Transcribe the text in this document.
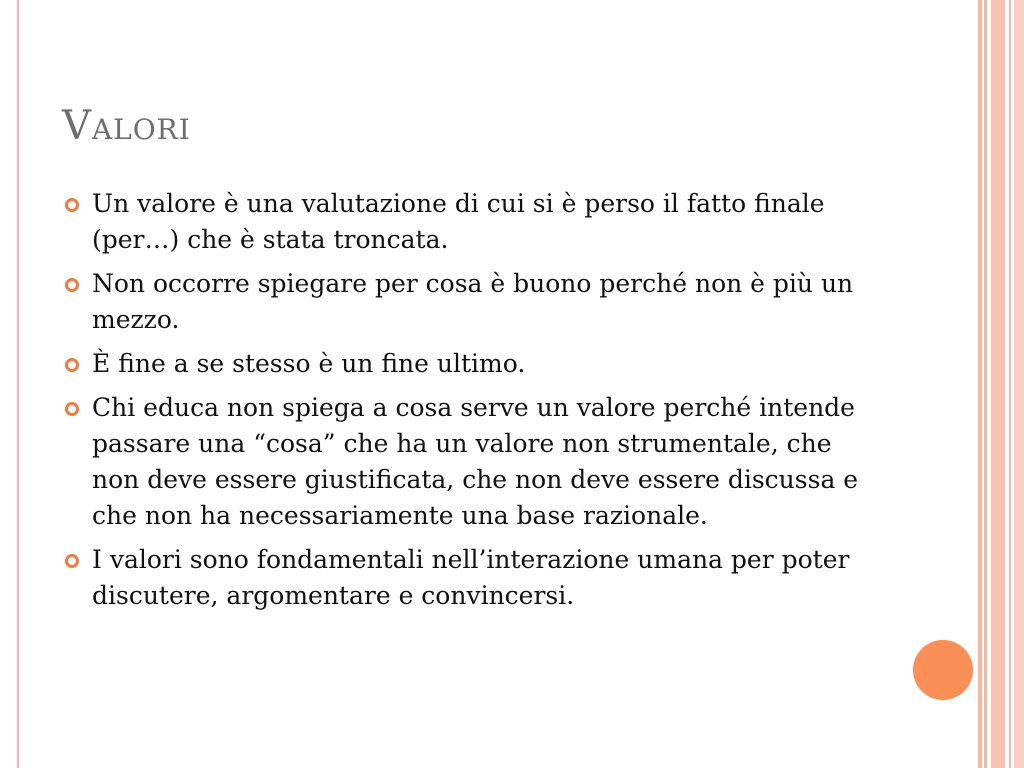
Valori
Un valore è una valutazione di cui si è perso il fatto finale (per…) che è stata troncata.
Non occorre spiegare per cosa è buono perché non è più un mezzo.
È fine a se stesso è un fine ultimo.
Chi educa non spiega a cosa serve un valore perché intende passare una “cosa” che ha un valore non strumentale, che non deve essere giustificata, che non deve essere discussa e che non ha necessariamente una base razionale.
I valori sono fondamentali nell’interazione umana per poter discutere, argomentare e convincersi.
